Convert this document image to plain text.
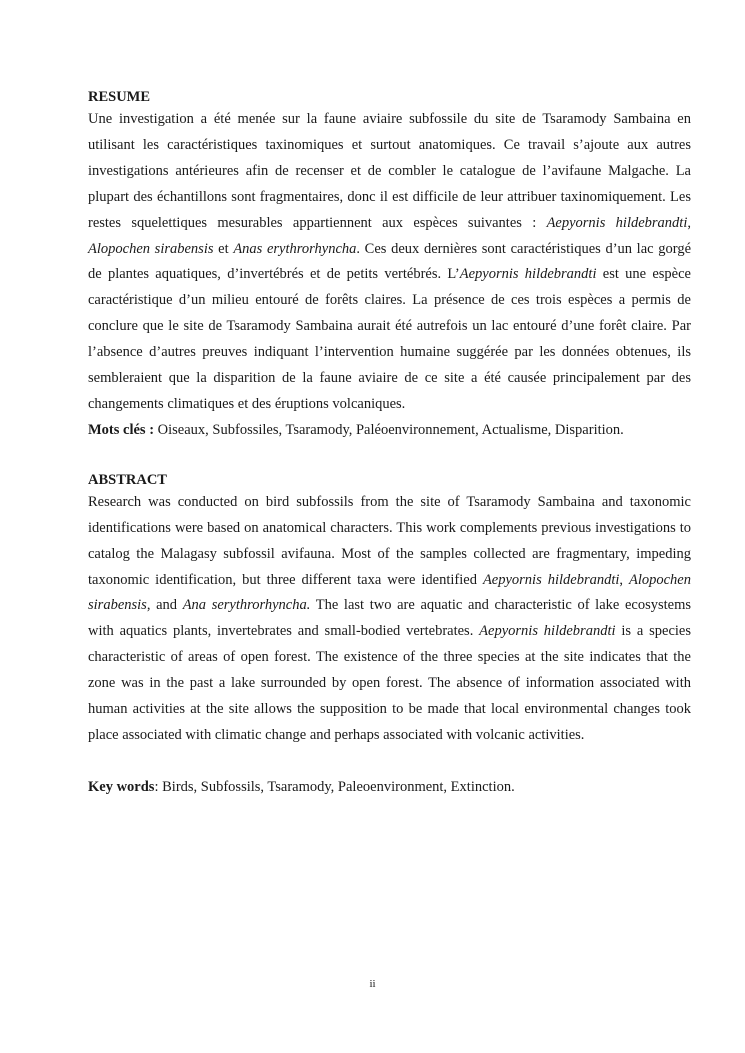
RESUME

Une investigation a été menée sur la faune aviaire subfossile du site de Tsaramody Sambaina en utilisant les caractéristiques taxinomiques et surtout anatomiques. Ce travail s’ajoute aux autres investigations antérieures afin de recenser et de combler le catalogue de l’avifaune Malgache. La plupart des échantillons sont fragmentaires, donc il est difficile de leur attribuer taxinomiquement. Les restes squelettiques mesurables appartiennent aux espèces suivantes : Aepyornis hildebrandti, Alopochen sirabensis et Anas erythrorhyncha. Ces deux dernières sont caractéristiques d’un lac gorgé de plantes aquatiques, d’invertébrés et de petits vertébrés. L’Aepyornis hildebrandti est une espèce caractéristique d’un milieu entouré de forêts claires. La présence de ces trois espèces a permis de conclure que le site de Tsaramody Sambaina aurait été autrefois un lac entouré d’une forêt claire. Par l’absence d’autres preuves indiquant l’intervention humaine suggérée par les données obtenues, ils sembleraient que la disparition de la faune aviaire de ce site a été causée principalement par des changements climatiques et des éruptions volcaniques.

Mots clés : Oiseaux, Subfossiles, Tsaramody, Paléoenvironnement, Actualisme, Disparition.

ABSTRACT

Research was conducted on bird subfossils from the site of Tsaramody Sambaina and taxonomic identifications were based on anatomical characters. This work complements previous investigations to catalog the Malagasy subfossil avifauna. Most of the samples collected are fragmentary, impeding taxonomic identification, but three different taxa were identified Aepyornis hildebrandti, Alopochen sirabensis, and Ana serythrorhyncha. The last two are aquatic and characteristic of lake ecosystems with aquatics plants, invertebrates and small-bodied vertebrates. Aepyornis hildebrandti is a species characteristic of areas of open forest. The existence of the three species at the site indicates that the zone was in the past a lake surrounded by open forest. The absence of information associated with human activities at the site allows the supposition to be made that local environmental changes took place associated with climatic change and perhaps associated with volcanic activities.

Key words: Birds, Subfossils, Tsaramody, Paleoenvironment, Extinction.

ii
